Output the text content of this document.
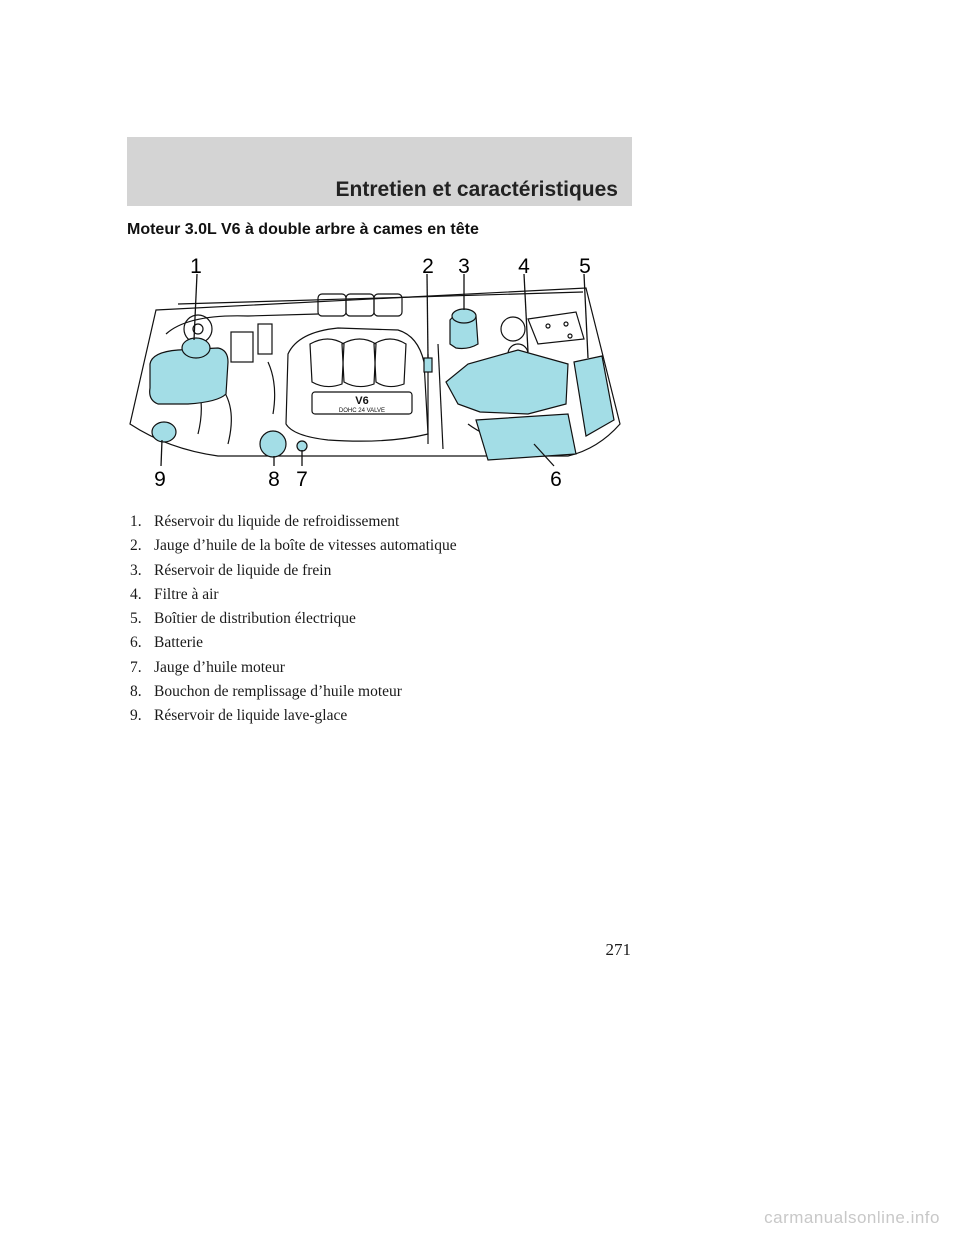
Entretien et caractéristiques
Moteur 3.0L V6 à double arbre à cames en tête
V6
DOHC 24 VALVE
1	2 3 4 5
6
7
8
9
1. Réservoir du liquide de refroidissement
2. Jauge d’huile de la boîte de vitesses automatique
3. Réservoir de liquide de frein
4. Filtre à air
5. Boîtier de distribution électrique
6. Batterie
7. Jauge d’huile moteur
8. Bouchon de remplissage d’huile moteur
9. Réservoir de liquide lave-glace
271
carmanualsonline.info
